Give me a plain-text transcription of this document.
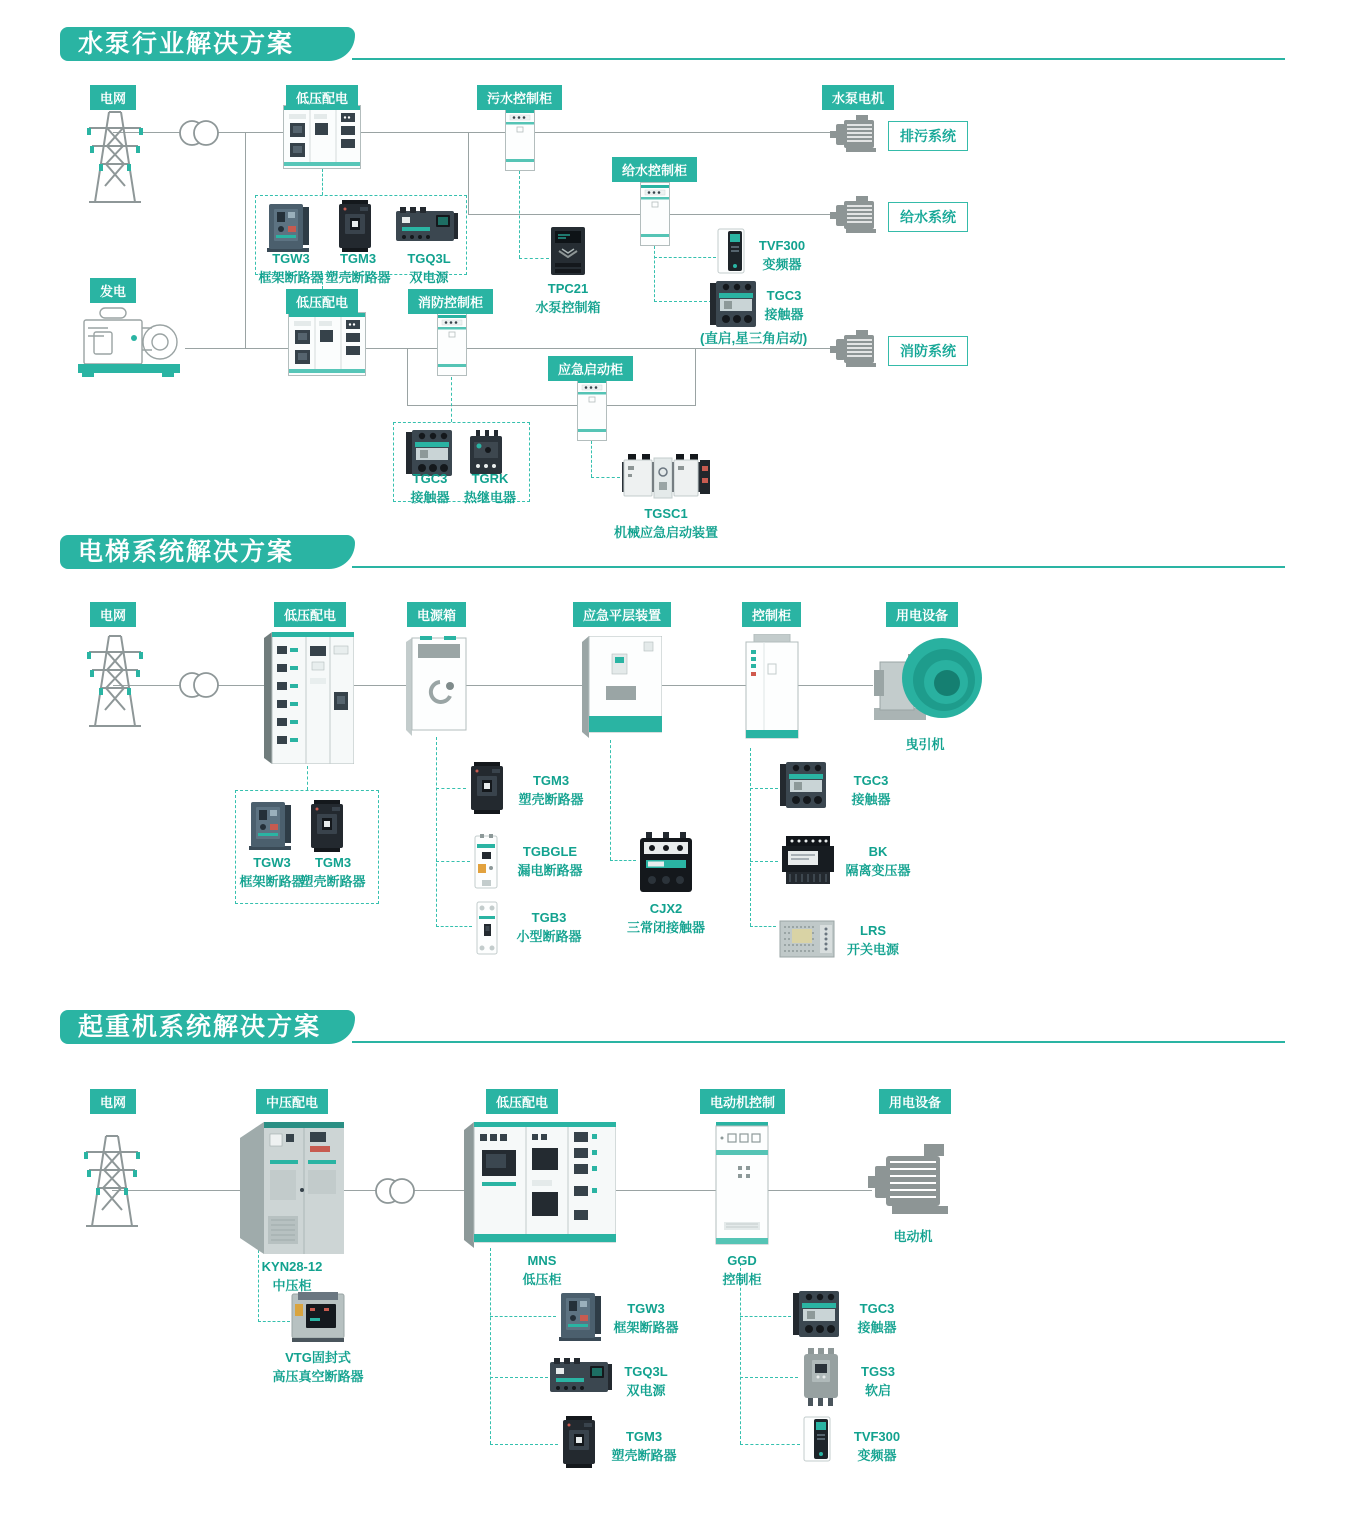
水泵行业解决方案
电网	低压配电	污水控制柜	水泵电机
给水控制柜
发电
低压配电	消防控制柜
应急启动柜
排污系统
给水系统
消防系统
TGW3
框架断路器
TGM3
塑壳断路器
TGQ3L
双电源
TPC21
水泵控制箱
TVF300
变频器
TGC3
接触器
(直启,星三角启动)
TGC3
接触器
TGRK
热继电器
TGSC1
机械应急启动装置
电梯系统解决方案
电网	低压配电	电源箱	应急平层装置	控制柜	用电设备
曳引机
TGW3
框架断路器
TGM3
塑壳断路器
TGM3
塑壳断路器
TGBGLE
漏电断路器
TGB3
小型断路器
CJX2
三常闭接触器
TGC3
接触器
BK
隔离变压器
LRS
开关电源
起重机系统解决方案
电网	中压配电	低压配电	电动机控制	用电设备
KYN28-12
中压柜
MNS
低压柜
GGD
控制柜
电动机
VTG固封式
高压真空断路器
TGW3
框架断路器
TGQ3L
双电源
TGM3
塑壳断路器
TGC3
接触器
TGS3
软启
TVF300
变频器
